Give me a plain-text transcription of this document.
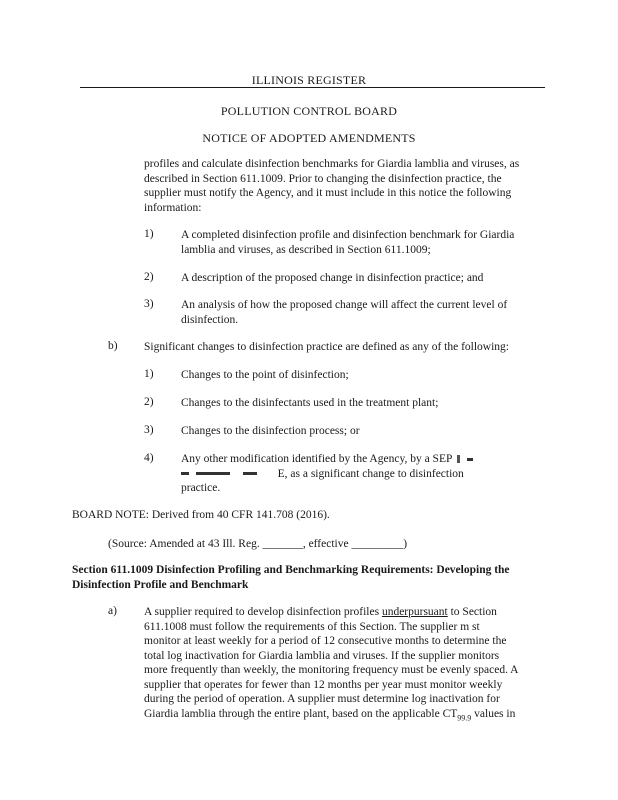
ILLINOIS REGISTER
POLLUTION CONTROL BOARD
NOTICE OF ADOPTED AMENDMENTS
profiles and calculate disinfection benchmarks for Giardia lamblia and viruses, as
described in Section 611.1009. Prior to changing the disinfection practice, the
supplier must notify the Agency, and it must include in this notice the following
information:
1) A completed disinfection profile and disinfection benchmark for Giardia
lamblia and viruses, as described in Section 611.1009;
2) A description of the proposed change in disinfection practice; and
3) An analysis of how the proposed change will affect the current level of
disinfection.
b) Significant changes to disinfection practice are defined as any of the following:
1) Changes to the point of disinfection;
2) Changes to the disinfectants used in the treatment plant;
3) Changes to the disinfection process; or
4) Any other modification identified by the Agency, by a SEP
E, as a significant change to disinfection
practice.
BOARD NOTE: Derived from 40 CFR 141.708 (2016).
(Source: Amended at 43 Ill. Reg. _______, effective _________)
Section 611.1009 Disinfection Profiling and Benchmarking Requirements: Developing the
Disinfection Profile and Benchmark
a) A supplier required to develop disinfection profiles underpursuant to Section
611.1008 must follow the requirements of this Section. The supplier m st
monitor at least weekly for a period of 12 consecutive months to determine the
total log inactivation for Giardia lamblia and viruses. If the supplier monitors
more frequently than weekly, the monitoring frequency must be evenly spaced. A
supplier that operates for fewer than 12 months per year must monitor weekly
during the period of operation. A supplier must determine log inactivation for
Giardia lamblia through the entire plant, based on the applicable $CT_{99.9}$ values in
